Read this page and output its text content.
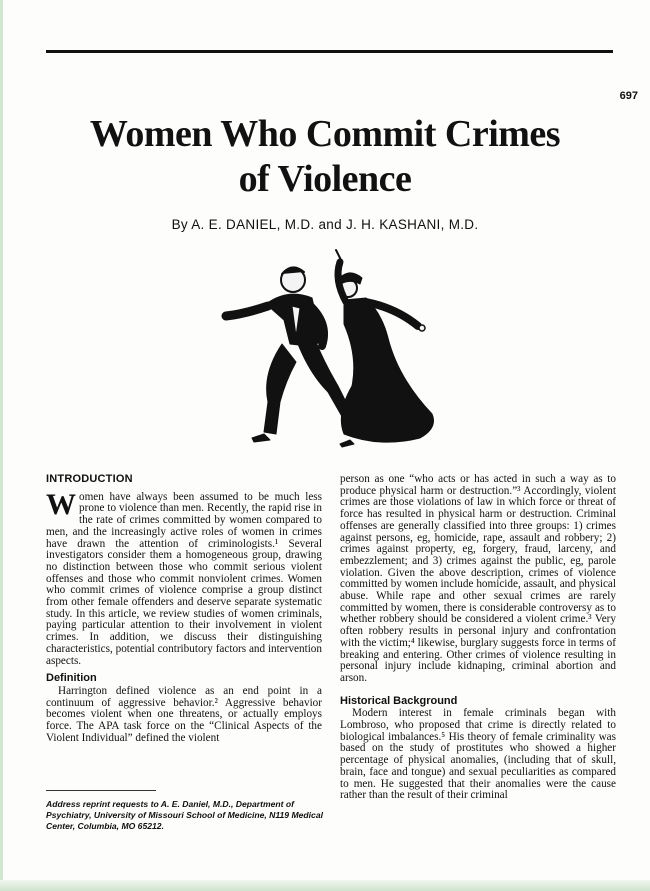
697
Women Who Commit Crimes
of Violence
By A. E. DANIEL, M.D. and J. H. KASHANI, M.D.
INTRODUCTION

Women have always been assumed to be much less prone to violence than men. Recently, the rapid rise in the rate of crimes committed by women compared to men, and the increasingly active roles of women in crimes have drawn the attention of criminologists.¹ Several investigators consider them a homogeneous group, drawing no distinction between those who commit serious violent offenses and those who commit nonviolent crimes. Women who commit crimes of violence comprise a group distinct from other female offenders and deserve separate systematic study. In this article, we review studies of women criminals, paying particular attention to their involvement in violent crimes. In addition, we discuss their distinguishing characteristics, potential contributory factors and intervention aspects.

Definition

Harrington defined violence as an end point in a continuum of aggressive behavior.² Aggressive behavior becomes violent when one threatens, or actually employs force. The APA task force on the “Clinical Aspects of the Violent Individual” defined the violent

Address reprint requests to A. E. Daniel, M.D., Department of Psychiatry, University of Missouri School of Medicine, N119 Medical Center, Columbia, MO 65212.

person as one “who acts or has acted in such a way as to produce physical harm or destruction.”³ Accordingly, violent crimes are those violations of law in which force or threat of force has resulted in physical harm or destruction. Criminal offenses are generally classified into three groups: 1) crimes against persons, eg, homicide, rape, assault and robbery; 2) crimes against property, eg, forgery, fraud, larceny, and embezzlement; and 3) crimes against the public, eg, parole violation. Given the above description, crimes of violence committed by women include homicide, assault, and physical abuse. While rape and other sexual crimes are rarely committed by women, there is considerable controversy as to whether robbery should be considered a violent crime.³ Very often robbery results in personal injury and confrontation with the victim;⁴ likewise, burglary suggests force in terms of breaking and entering. Other crimes of violence resulting in personal injury include kidnaping, criminal abortion and arson.

Historical Background

Modern interest in female criminals began with Lombroso, who proposed that crime is directly related to biological imbalances.⁵ His theory of female criminality was based on the study of prostitutes who showed a higher percentage of physical anomalies, (including that of skull, brain, face and tongue) and sexual peculiarities as compared to men. He suggested that their anomalies were the cause rather than the result of their criminal
